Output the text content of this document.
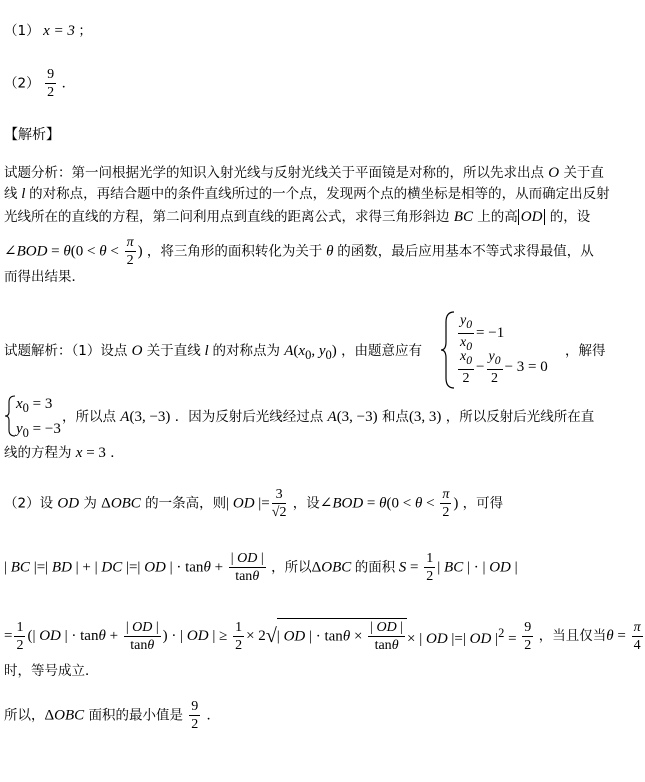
（1） x = 3 ；
$(2) \frac{9}{2}$ ．
【解析】
试题分析：第一问根据光学的知识入射光线与反射光线关于平面镜是对称的，所以先求出点 O 关于直
线 l 的对称点，再结合题中的条件直线所过的一个点，发现两个点的横坐标是相等的，从而确定出反射
光线所在的直线的方程，第二问利用点到直线的距离公式，求得三角形斜边 BC 上的高 OD 的，设
∠BOD = $\theta(0 < \theta < \frac{\pi}{2}$ ) ，将三角形的面积转化为关于 θ 的函数，最后应用基本不等式求得最值，从
而得出结果．
试题解析：（1）设点 O 关于直线 l 的对称点为 $A(x_0$, $y_0$) ，由题意应有	$\frac{y_0}{x_0} = -1$
$\frac{x_0}{2} - \frac{y_0}{2} - 3 = 0$
，解得
$x_0 = 3$
$y_0 = -3$
，所以点 A(3, −3) ．因为反射后光线经过点 A(3, −3) 和点(3, 3) ，所以反射后光线所在直
线的方程为 x = 3 ．
（2）设 OD 为 ΔOBC 的一条高，则| OD |= $\frac{3}{√2}$ ，设∠BOD = $\theta(0 < \theta < \frac{\pi}{2}$ ) ，可得
| BC |=| BD | + | DC |=| OD | · $\tan\theta + \frac{| OD |}{\tan\theta}$ ，所以ΔOBC 的面积 $S = \frac{1}{2}$ | BC | · | OD |
= $\frac{1}{2}$ (| OD | · $\tan\theta + \frac{| OD |}{\tan\theta}$ ) · | OD | ≥ $\frac{1}{2} \times 2√|$ OD | · $\tan\theta \times \frac{| OD |}{\tan\theta}$ × | OD |=| OD $|^2 = \frac{9}{2}$ ，当且仅当$\theta = \frac{\pi}{4}$
时，等号成立．
所以，ΔOBC 面积的最小值是 $\frac{9}{2}$ ．
